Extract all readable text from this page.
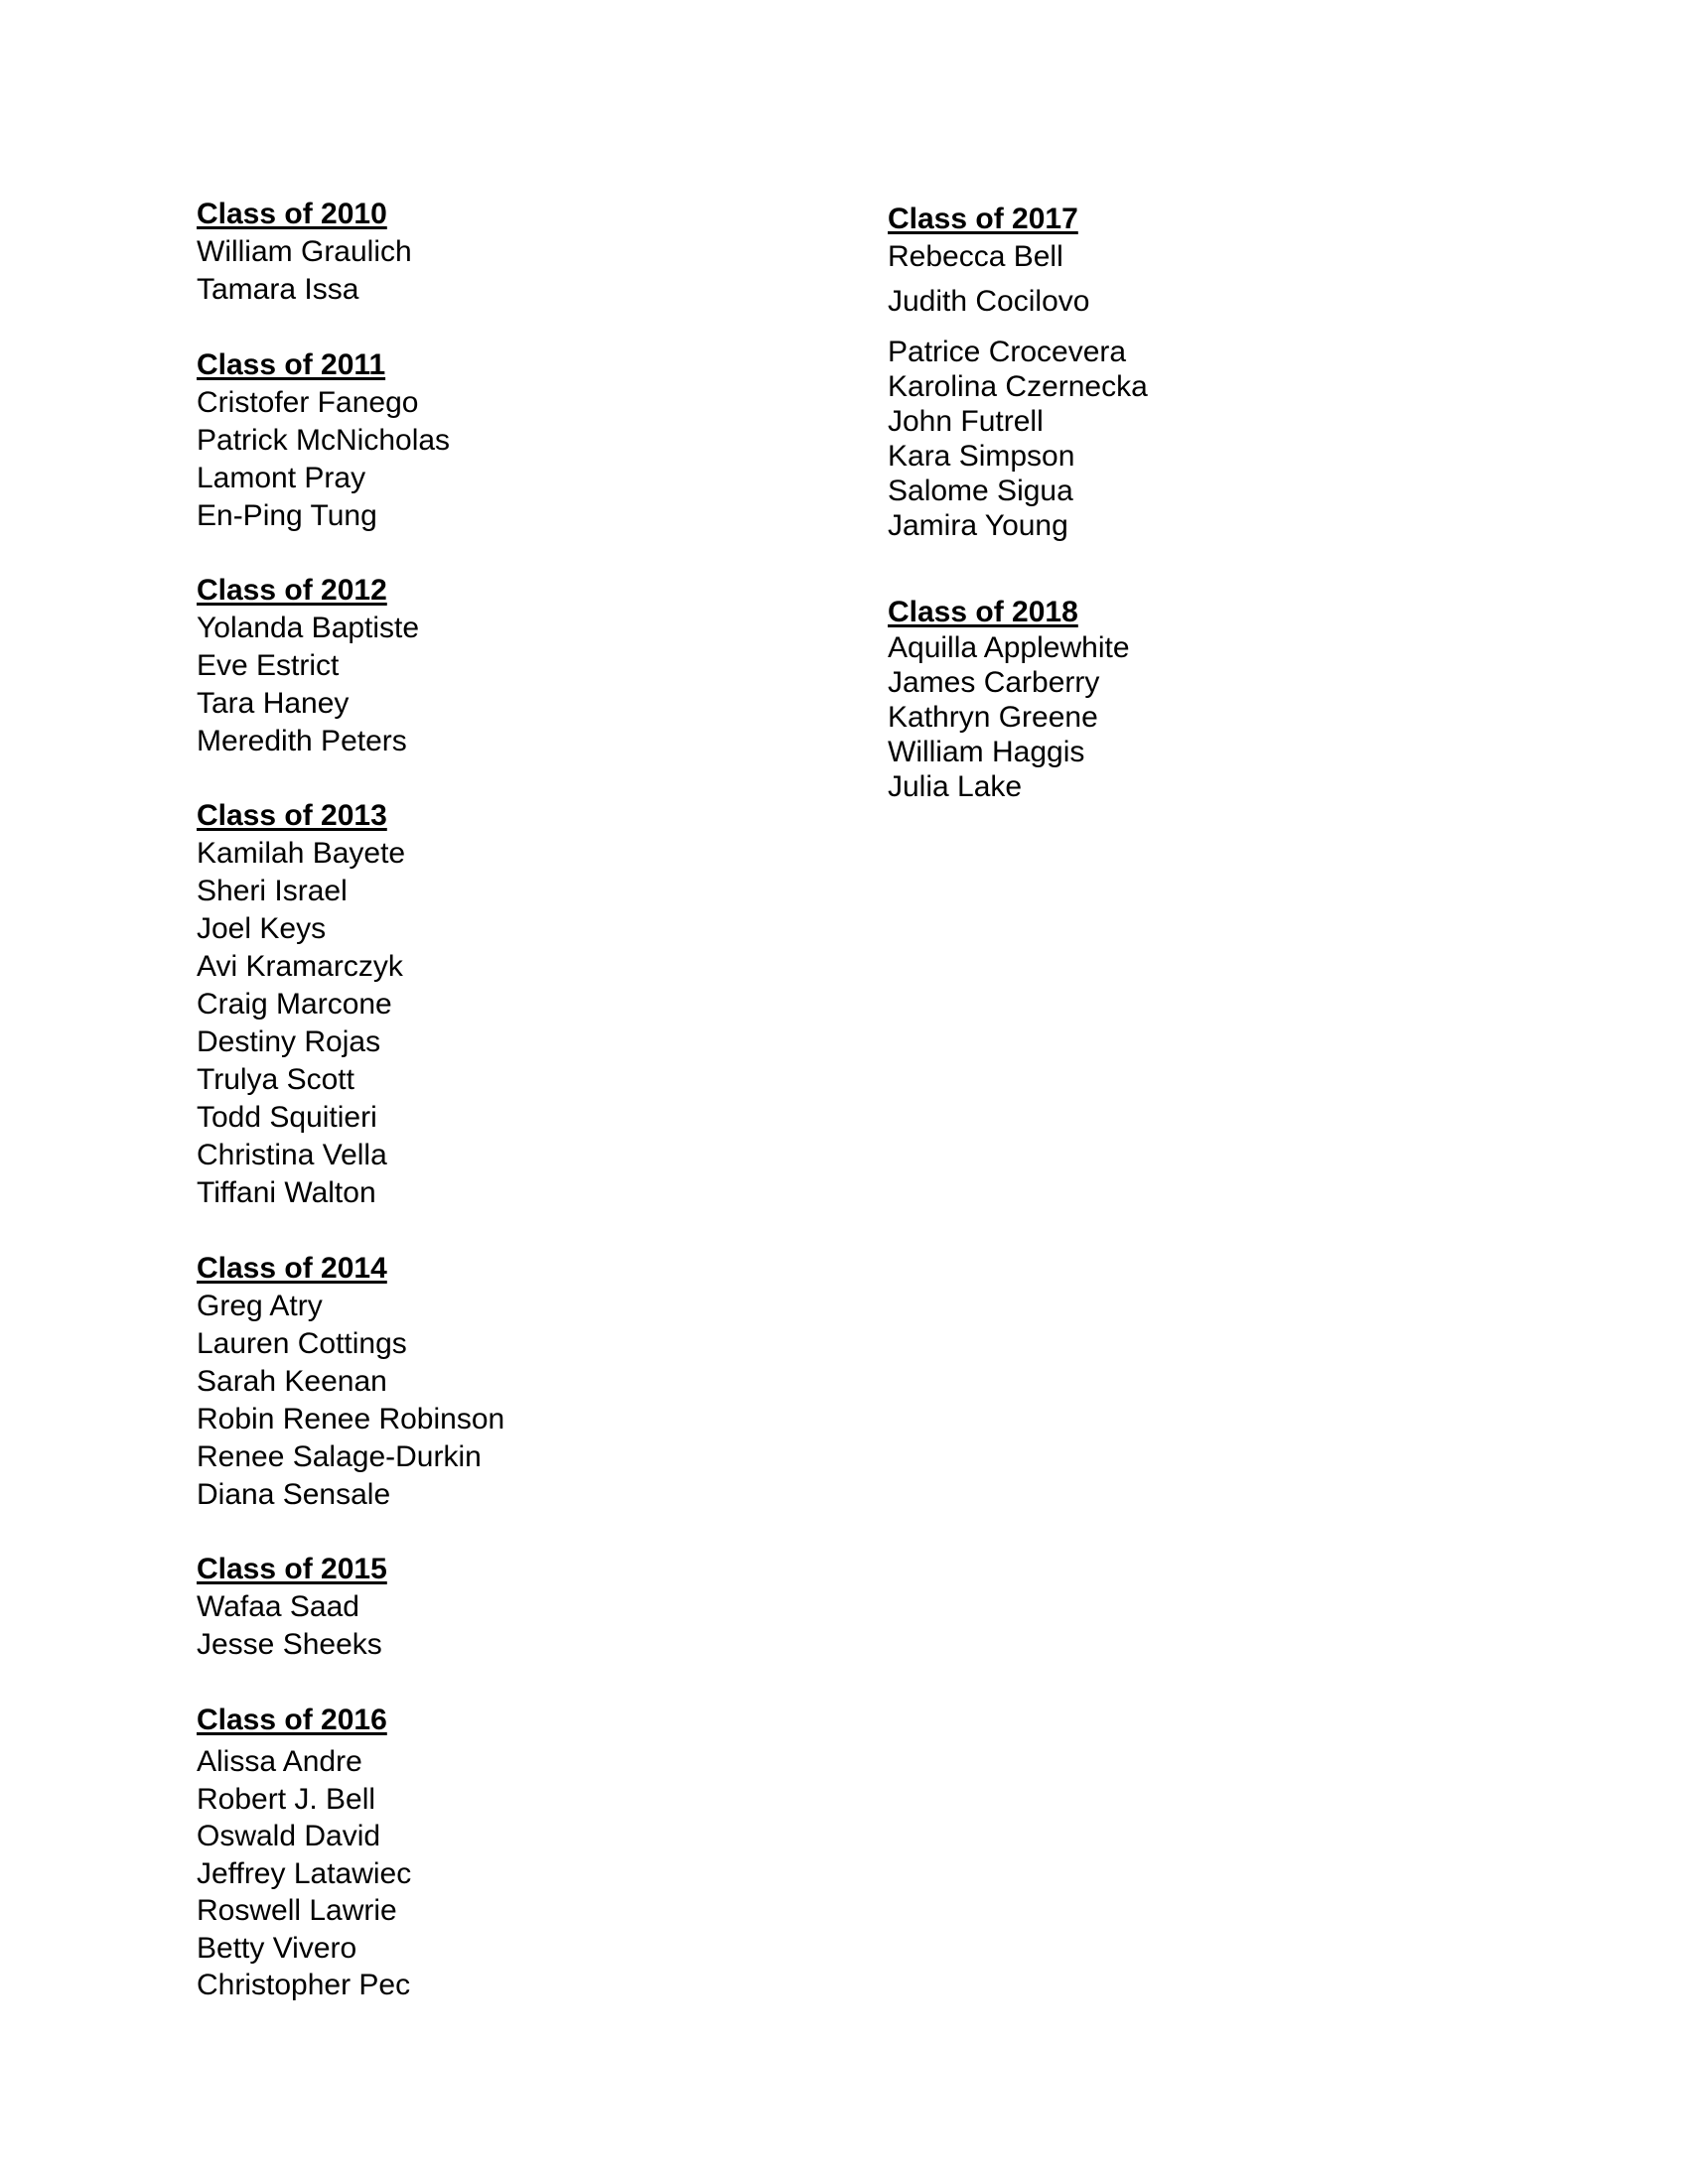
Class of 2010
William Graulich
Tamara Issa
Class of 2011
Cristofer Fanego
Patrick McNicholas
Lamont Pray
En-Ping Tung
Class of 2012
Yolanda Baptiste
Eve Estrict
Tara Haney
Meredith Peters
Class of 2013
Kamilah Bayete
Sheri Israel
Joel Keys
Avi Kramarczyk
Craig Marcone
Destiny Rojas
Trulya Scott
Todd Squitieri
Christina Vella
Tiffani Walton
Class of 2014
Greg Atry
Lauren Cottings
Sarah Keenan
Robin Renee Robinson
Renee Salage-Durkin
Diana Sensale
Class of 2015
Wafaa Saad
Jesse Sheeks
Class of 2016
Alissa Andre
Robert J. Bell
Oswald David
Jeffrey Latawiec
Roswell Lawrie
Betty Vivero
Christopher Pec
Class of 2017
Rebecca Bell
Judith Cocilovo
Patrice Crocevera
Karolina Czernecka
John Futrell
Kara Simpson
Salome Sigua
Jamira Young
Class of 2018
Aquilla Applewhite
James Carberry
Kathryn Greene
William Haggis
Julia Lake
